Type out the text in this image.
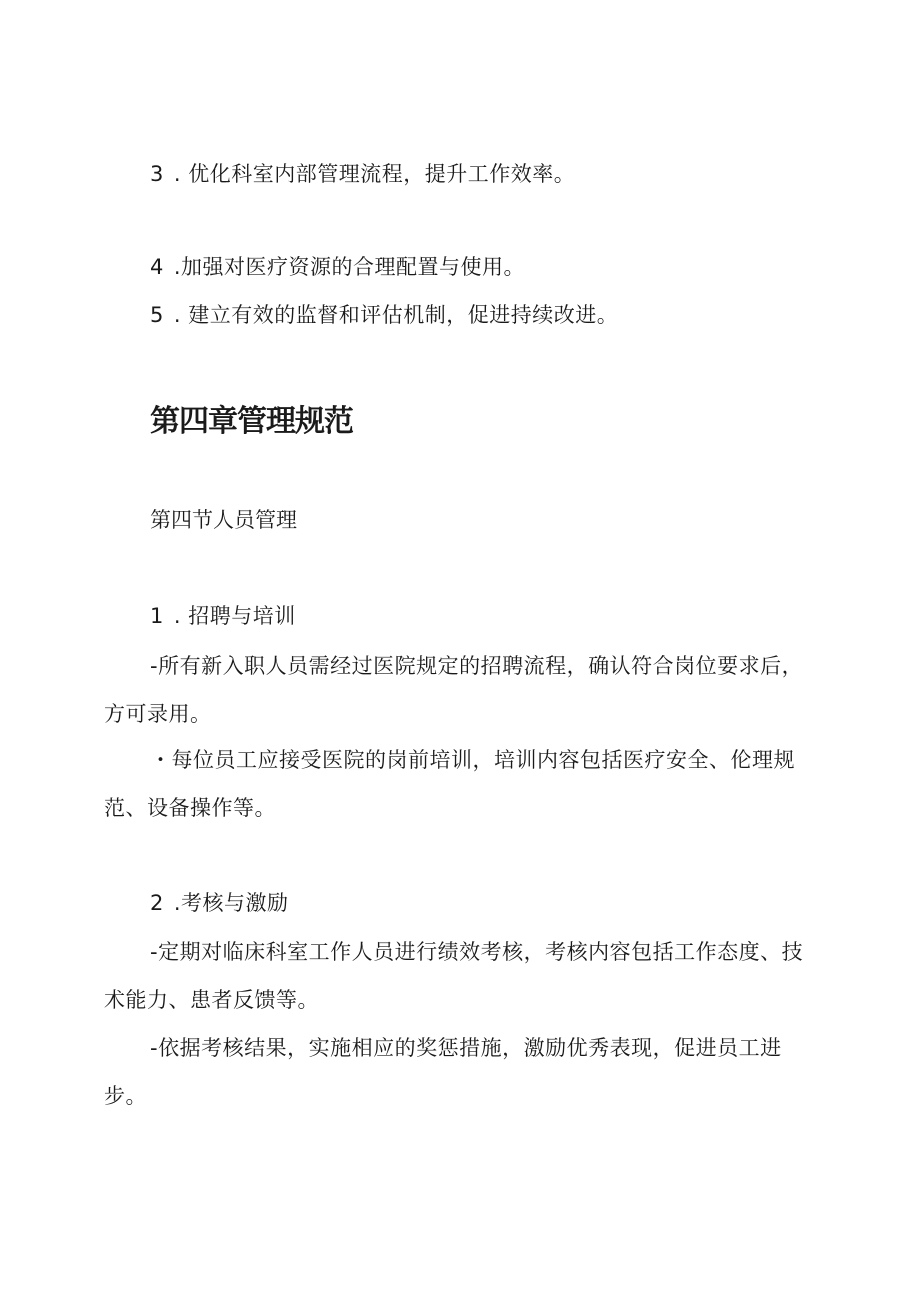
3 . 优化科室内部管理流程，提升工作效率。
4 .加强对医疗资源的合理配置与使用。
5 . 建立有效的监督和评估机制，促进持续改进。
第四章管理规范
第四节人员管理
1 . 招聘与培训
-所有新入职人员需经过医院规定的招聘流程，确认符合岗位要求后，
方可录用。
・每位员工应接受医院的岗前培训，培训内容包括医疗安全、伦理规
范、设备操作等。
2 .考核与激励
-定期对临床科室工作人员进行绩效考核，考核内容包括工作态度、技
术能力、患者反馈等。
-依据考核结果，实施相应的奖惩措施，激励优秀表现，促进员工进
步。
